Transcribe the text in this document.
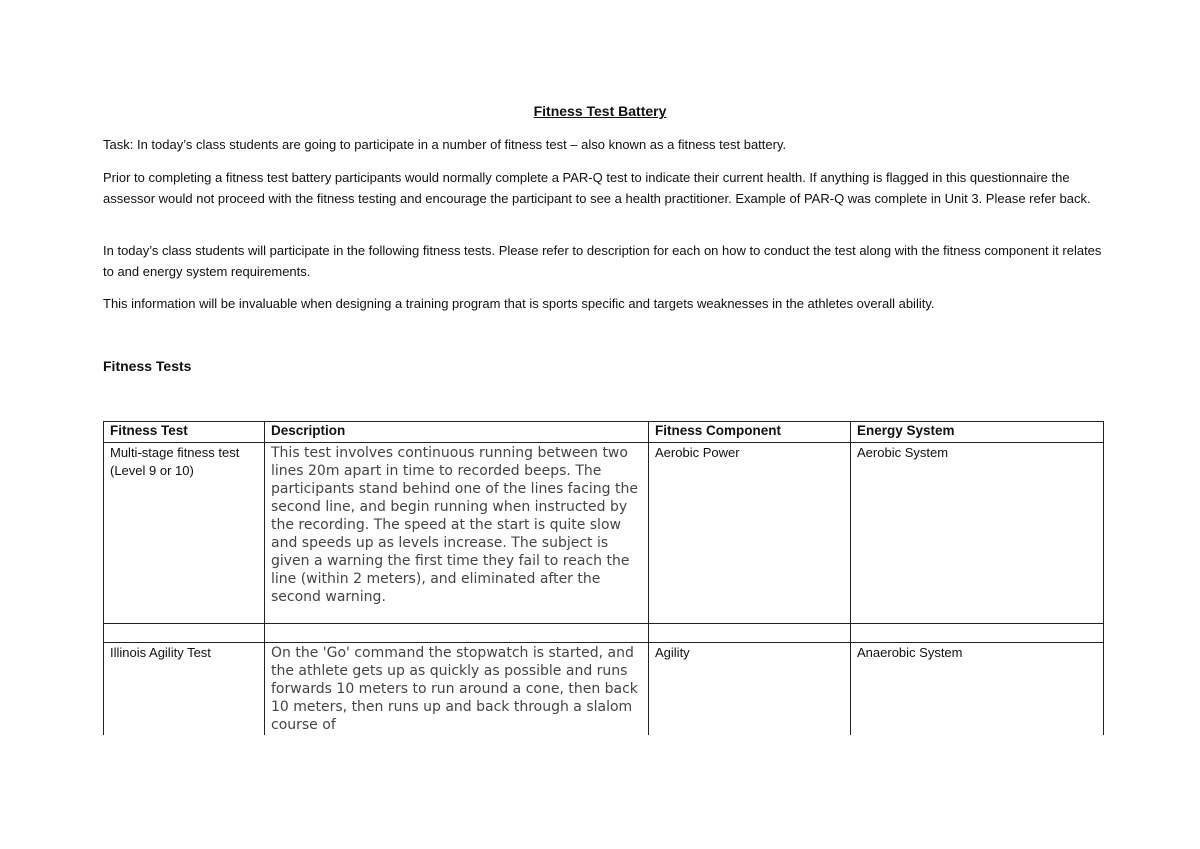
Fitness Test Battery

Task: In today’s class students are going to participate in a number of fitness test – also known as a fitness test battery.

Prior to completing a fitness test battery participants would normally complete a PAR-Q test to indicate their current health. If anything is flagged in this questionnaire the assessor would not proceed with the fitness testing and encourage the participant to see a health practitioner. Example of PAR-Q was complete in Unit 3. Please refer back.

In today’s class students will participate in the following fitness tests. Please refer to description for each on how to conduct the test along with the fitness component it relates to and energy system requirements.

This information will be invaluable when designing a training program that is sports specific and targets weaknesses in the athletes overall ability.

Fitness Tests
Fitness Test	Description	Fitness Component	Energy System
Multi-stage fitness test (Level 9 or 10)	This test involves continuous running between two lines 20m apart in time to recorded beeps. The participants stand behind one of the lines facing the second line, and begin running when instructed by the recording. The speed at the start is quite slow and speeds up as levels increase. The subject is given a warning the first time they fail to reach the line (within 2 meters), and eliminated after the second warning.	Aerobic Power	Aerobic System

Illinois Agility Test	On the 'Go' command the stopwatch is started, and the athlete gets up as quickly as possible and runs forwards 10 meters to run around a cone, then back 10 meters, then runs up and back through a slalom course of	Agility	Anaerobic System
